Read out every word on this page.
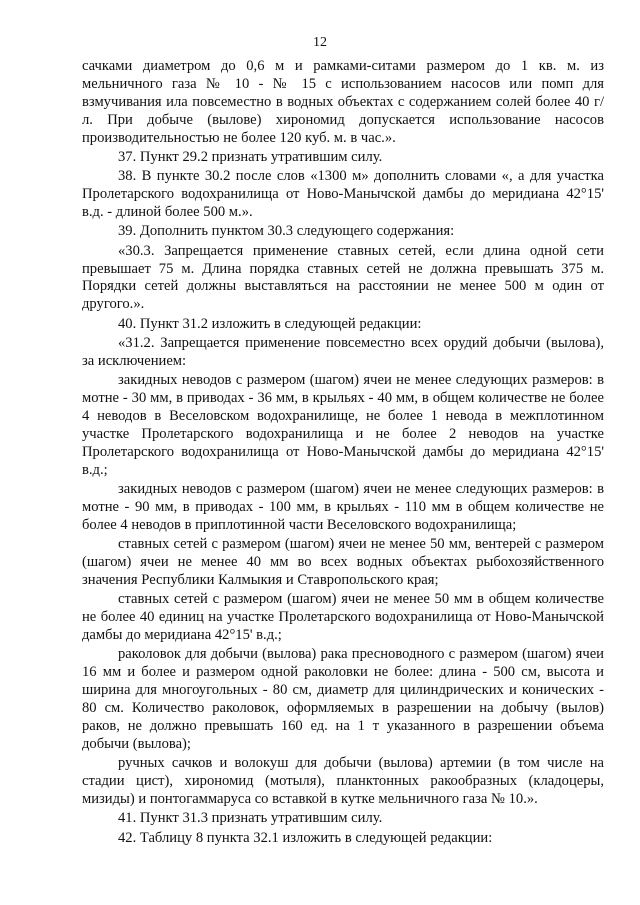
12

сачками диаметром до 0,6 м и рамками-ситами размером до 1 кв. м. из мельничного газа № 10 - № 15 с использованием насосов или помп для взмучивания ила повсеместно в водных объектах с содержанием солей более 40 г/л. При добыче (вылове) хирономид допускается использование насосов производительностью не более 120 куб. м. в час.».

37. Пункт 29.2 признать утратившим силу.

38. В пункте 30.2 после слов «1300 м» дополнить словами «, а для участка Пролетарского водохранилища от Ново-Манычской дамбы до меридиана 42°15' в.д. - длиной более 500 м.».

39. Дополнить пунктом 30.3 следующего содержания:

«30.3. Запрещается применение ставных сетей, если длина одной сети превышает 75 м. Длина порядка ставных сетей не должна превышать 375 м. Порядки сетей должны выставляться на расстоянии не менее 500 м один от другого.».

40. Пункт 31.2 изложить в следующей редакции:

«31.2. Запрещается применение повсеместно всех орудий добычи (вылова), за исключением:

закидных неводов с размером (шагом) ячеи не менее следующих размеров: в мотне - 30 мм, в приводах - 36 мм, в крыльях - 40 мм, в общем количестве не более 4 неводов в Веселовском водохранилище, не более 1 невода в межплотинном участке Пролетарского водохранилища и не более 2 неводов на участке Пролетарского водохранилища от Ново-Манычской дамбы до меридиана 42°15' в.д.;

закидных неводов с размером (шагом) ячеи не менее следующих размеров: в мотне - 90 мм, в приводах - 100 мм, в крыльях - 110 мм в общем количестве не более 4 неводов в приплотинной части Веселовского водохранилища;

ставных сетей с размером (шагом) ячеи не менее 50 мм, вентерей с размером (шагом) ячеи не менее 40 мм во всех водных объектах рыбохозяйственного значения Республики Калмыкия и Ставропольского края;

ставных сетей с размером (шагом) ячеи не менее 50 мм в общем количестве не более 40 единиц на участке Пролетарского водохранилища от Ново-Манычской дамбы до меридиана 42°15' в.д.;

раколовок для добычи (вылова) рака пресноводного с размером (шагом) ячеи 16 мм и более и размером одной раколовки не более: длина - 500 см, высота и ширина для многоугольных - 80 см, диаметр для цилиндрических и конических - 80 см. Количество раколовок, оформляемых в разрешении на добычу (вылов) раков, не должно превышать 160 ед. на 1 т указанного в разрешении объема добычи (вылова);

ручных сачков и волокуш для добычи (вылова) артемии (в том числе на стадии цист), хирономид (мотыля), планктонных ракообразных (кладоцеры, мизиды) и понтогаммаруса со вставкой в кутке мельничного газа № 10.».

41. Пункт 31.3 признать утратившим силу.

42. Таблицу 8 пункта 32.1 изложить в следующей редакции:
